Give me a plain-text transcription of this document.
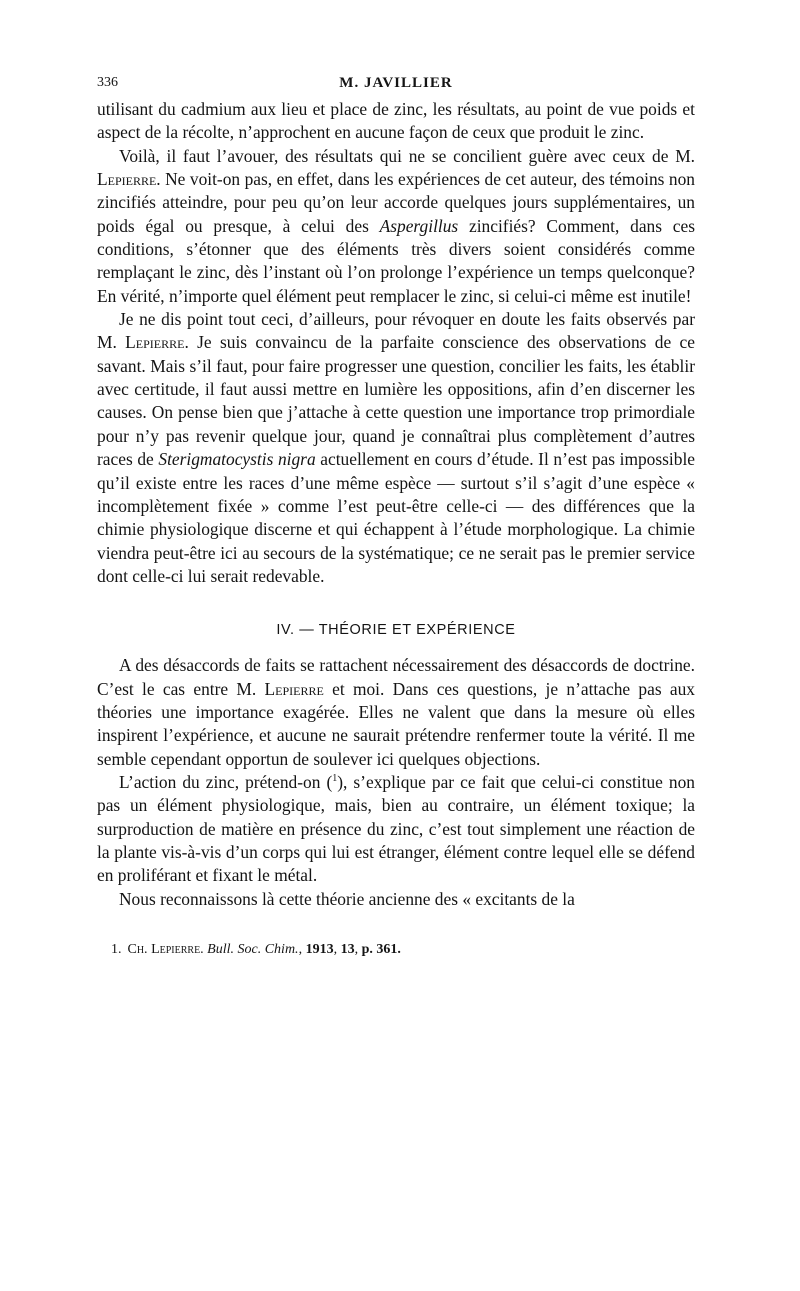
336	M. JAVILLIER

utilisant du cadmium aux lieu et place de zinc, les résultats, au point de vue poids et aspect de la récolte, n’approchent en aucune façon de ceux que produit le zinc.

Voilà, il faut l’avouer, des résultats qui ne se concilient guère avec ceux de M. Lepierre. Ne voit-on pas, en effet, dans les expériences de cet auteur, des témoins non zincifiés atteindre, pour peu qu’on leur accorde quelques jours supplémentaires, un poids égal ou presque, à celui des Aspergillus zincifiés? Comment, dans ces conditions, s’étonner que des éléments très divers soient considérés comme remplaçant le zinc, dès l’instant où l’on prolonge l’expérience un temps quelconque? En vérité, n’importe quel élément peut remplacer le zinc, si celui-ci même est inutile!

Je ne dis point tout ceci, d’ailleurs, pour révoquer en doute les faits observés par M. Lepierre. Je suis convaincu de la parfaite conscience des observations de ce savant. Mais s’il faut, pour faire progresser une question, concilier les faits, les établir avec certitude, il faut aussi mettre en lumière les oppositions, afin d’en discerner les causes. On pense bien que j’attache à cette question une importance trop primordiale pour n’y pas revenir quelque jour, quand je connaîtrai plus complètement d’autres races de Sterigmatocystis nigra actuellement en cours d’étude. Il n’est pas impossible qu’il existe entre les races d’une même espèce — surtout s’il s’agit d’une espèce « incomplètement fixée » comme l’est peut-être celle-ci — des différences que la chimie physiologique discerne et qui échappent à l’étude morphologique. La chimie viendra peut-être ici au secours de la systématique; ce ne serait pas le premier service dont celle-ci lui serait redevable.

IV. — THÉORIE ET EXPÉRIENCE

A des désaccords de faits se rattachent nécessairement des désaccords de doctrine. C’est le cas entre M. Lepierre et moi. Dans ces questions, je n’attache pas aux théories une importance exagérée. Elles ne valent que dans la mesure où elles inspirent l’expérience, et aucune ne saurait prétendre renfermer toute la vérité. Il me semble cependant opportun de soulever ici quelques objections.

L’action du zinc, prétend-on ($^1$), s’explique par ce fait que celui-ci constitue non pas un élément physiologique, mais, bien au contraire, un élément toxique; la surproduction de matière en présence du zinc, c’est tout simplement une réaction de la plante vis-à-vis d’un corps qui lui est étranger, élément contre lequel elle se défend en proliférant et fixant le métal.

Nous reconnaissons là cette théorie ancienne des « excitants de la

1. Ch. Lepierre. Bull. Soc. Chim., 1913, 13, p. 361.
